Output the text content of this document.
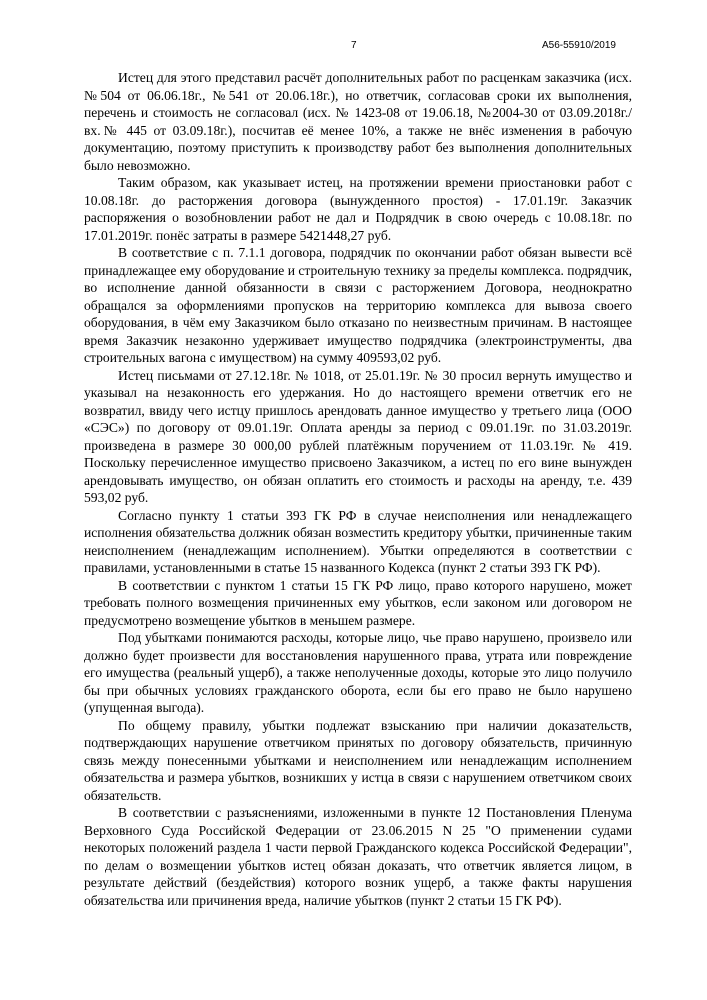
7	А56-55910/2019

Истец для этого представил расчёт дополнительных работ по расценкам заказчика (исх.№504 от 06.06.18г., №541 от 20.06.18г.), но ответчик, согласовав сроки их выполнения, перечень и стоимость не согласовал (исх. № 1423-08 от 19.06.18, №2004-30 от 03.09.2018г./ вх.№ 445 от 03.09.18г.), посчитав её менее 10%, а также не внёс изменения в рабочую документацию, поэтому приступить к производству работ без выполнения дополнительных было невозможно.

Таким образом, как указывает истец, на протяжении времени приостановки работ с 10.08.18г. до расторжения договора (вынужденного простоя) - 17.01.19г. Заказчик распоряжения о возобновлении работ не дал и Подрядчик в свою очередь с 10.08.18г. по 17.01.2019г. понёс затраты в размере 5421448,27 руб.

В соответствие с п. 7.1.1 договора, подрядчик по окончании работ обязан вывести всё принадлежащее ему оборудование и строительную технику за пределы комплекса. подрядчик, во исполнение данной обязанности в связи с расторжением Договора, неоднократно обращался за оформлениями пропусков на территорию комплекса для вывоза своего оборудования, в чём ему Заказчиком было отказано по неизвестным причинам. В настоящее время Заказчик незаконно удерживает имущество подрядчика (электроинструменты, два строительных вагона с имуществом) на сумму 409593,02 руб.

Истец письмами от 27.12.18г. № 1018, от 25.01.19г. № 30 просил вернуть имущество и указывал на незаконность его удержания. Но до настоящего времени ответчик его не возвратил, ввиду чего истцу пришлось арендовать данное имущество у третьего лица (ООО «СЭС») по договору от 09.01.19г. Оплата аренды за период с 09.01.19г. по 31.03.2019г. произведена в размере 30 000,00 рублей платёжным поручением от 11.03.19г. № 419. Поскольку перечисленное имущество присвоено Заказчиком, а истец по его вине вынужден арендовывать имущество, он обязан оплатить его стоимость и расходы на аренду, т.е. 439 593,02 руб.

Согласно пункту 1 статьи 393 ГК РФ в случае неисполнения или ненадлежащего исполнения обязательства должник обязан возместить кредитору убытки, причиненные таким неисполнением (ненадлежащим исполнением). Убытки определяются в соответствии с правилами, установленными в статье 15 названного Кодекса (пункт 2 статьи 393 ГК РФ).

В соответствии с пунктом 1 статьи 15 ГК РФ лицо, право которого нарушено, может требовать полного возмещения причиненных ему убытков, если законом или договором не предусмотрено возмещение убытков в меньшем размере.

Под убытками понимаются расходы, которые лицо, чье право нарушено, произвело или должно будет произвести для восстановления нарушенного права, утрата или повреждение его имущества (реальный ущерб), а также неполученные доходы, которые это лицо получило бы при обычных условиях гражданского оборота, если бы его право не было нарушено (упущенная выгода).

По общему правилу, убытки подлежат взысканию при наличии доказательств, подтверждающих нарушение ответчиком принятых по договору обязательств, причинную связь между понесенными убытками и неисполнением или ненадлежащим исполнением обязательства и размера убытков, возникших у истца в связи с нарушением ответчиком своих обязательств.

В соответствии с разъяснениями, изложенными в пункте 12 Постановления Пленума Верховного Суда Российской Федерации от 23.06.2015 N 25 "О применении судами некоторых положений раздела 1 части первой Гражданского кодекса Российской Федерации", по делам о возмещении убытков истец обязан доказать, что ответчик является лицом, в результате действий (бездействия) которого возник ущерб, а также факты нарушения обязательства или причинения вреда, наличие убытков (пункт 2 статьи 15 ГК РФ).
